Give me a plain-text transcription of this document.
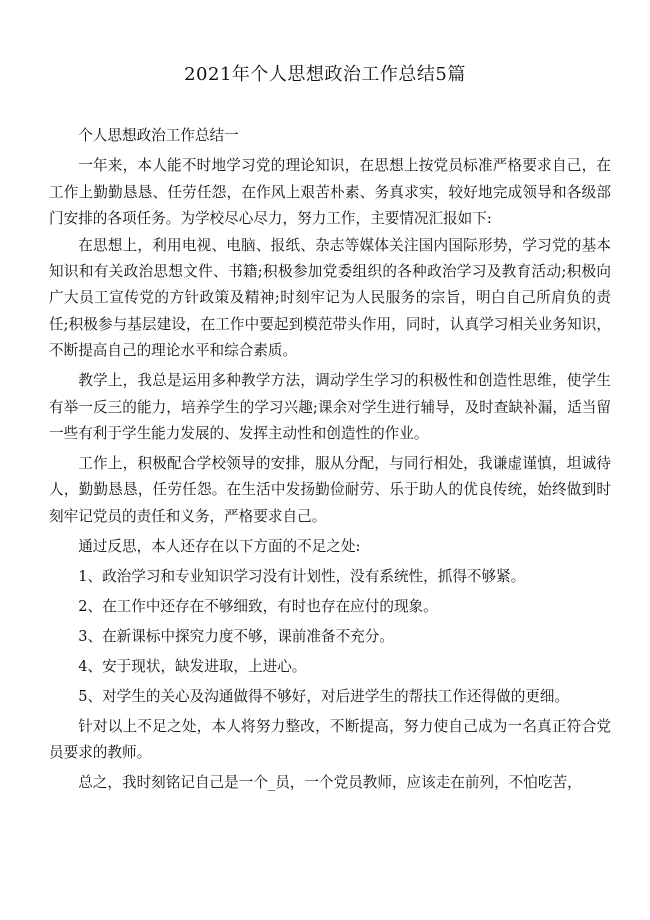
2021年个人思想政治工作总结5篇

个人思想政治工作总结一

一年来，本人能不时地学习党的理论知识，在思想上按党员标准严格要求自己，在工作上勤勤恳恳、任劳任怨，在作风上艰苦朴素、务真求实，较好地完成领导和各级部门安排的各项任务。为学校尽心尽力，努力工作，主要情况汇报如下:

在思想上，利用电视、电脑、报纸、杂志等媒体关注国内国际形势，学习党的基本知识和有关政治思想文件、书籍;积极参加党委组织的各种政治学习及教育活动;积极向广大员工宣传党的方针政策及精神;时刻牢记为人民服务的宗旨，明白自己所肩负的责任;积极参与基层建设，在工作中要起到模范带头作用，同时，认真学习相关业务知识，不断提高自己的理论水平和综合素质。

教学上，我总是运用多种教学方法，调动学生学习的积极性和创造性思维，使学生有举一反三的能力，培养学生的学习兴趣;课余对学生进行辅导，及时查缺补漏，适当留一些有利于学生能力发展的、发挥主动性和创造性的作业。

工作上，积极配合学校领导的安排，服从分配，与同行相处，我谦虚谨慎，坦诚待人，勤勤恳恳，任劳任怨。在生活中发扬勤俭耐劳、乐于助人的优良传统，始终做到时刻牢记党员的责任和义务，严格要求自己。

通过反思，本人还存在以下方面的不足之处:

1、政治学习和专业知识学习没有计划性，没有系统性，抓得不够紧。

2、在工作中还存在不够细致，有时也存在应付的现象。

3、在新课标中探究力度不够，课前准备不充分。

4、安于现状，缺发进取，上进心。

5、对学生的关心及沟通做得不够好，对后进学生的帮扶工作还得做的更细。

针对以上不足之处，本人将努力整改，不断提高，努力使自己成为一名真正符合党员要求的教师。

总之，我时刻铭记自己是一个_员，一个党员教师，应该走在前列，不怕吃苦，
